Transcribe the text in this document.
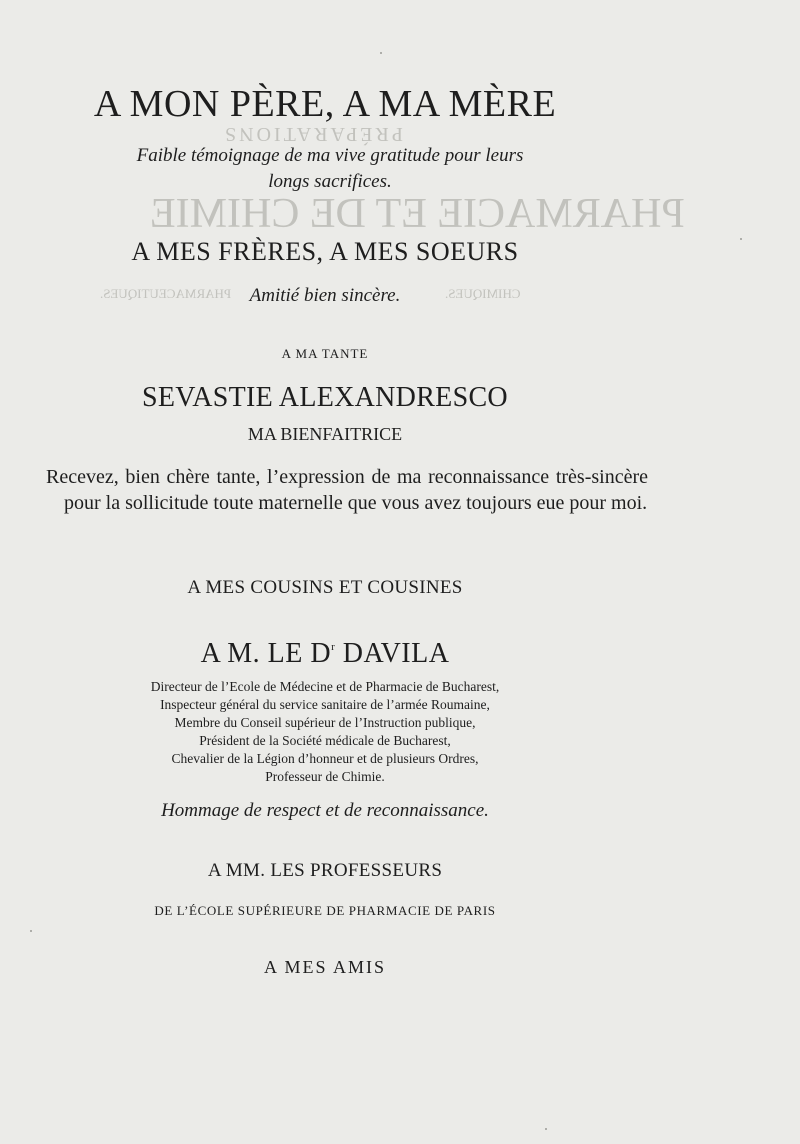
PRÉPARATIONS
PHARMACIE ET DE CHIMIE
CHIMIQUES.
PHARMACEUTIQUES.
A MON PÈRE, A MA MÈRE
Faible témoignage de ma vive gratitude pour leurs
longs sacrifices.
A MES FRÈRES, A MES SOEURS
Amitié bien sincère.
A MA TANTE
SEVASTIE ALEXANDRESCO
MA BIENFAITRICE
Recevez, bien chère tante, l’expression de ma reconnaissance très-sincère pour la sollicitude toute maternelle que vous avez toujours eue pour moi.
A MES COUSINS ET COUSINES
A M. LE $D^r$ DAVILA
Directeur de l’Ecole de Médecine et de Pharmacie de Bucharest,
Inspecteur général du service sanitaire de l’armée Roumaine,
Membre du Conseil supérieur de l’Instruction publique,
Président de la Société médicale de Bucharest,
Chevalier de la Légion d’honneur et de plusieurs Ordres,
Professeur de Chimie.
Hommage de respect et de reconnaissance.
A MM. LES PROFESSEURS
DE L’ÉCOLE SUPÉRIEURE DE PHARMACIE DE PARIS
A MES AMIS
